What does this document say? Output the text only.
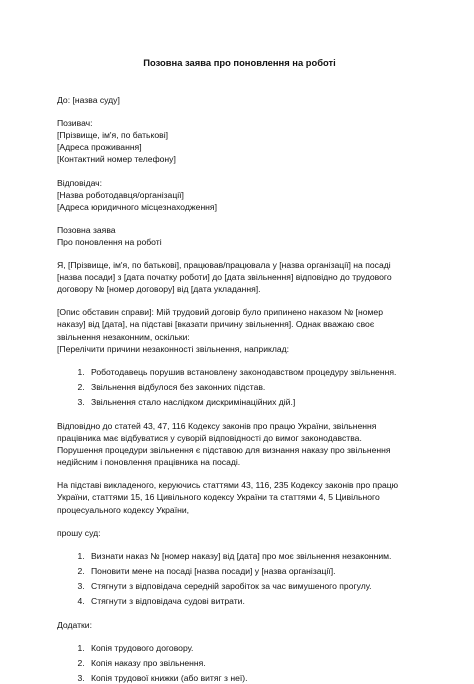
Позовна заява про поновлення на роботі
До: [назва суду]
Позивач:
[Прізвище, ім'я, по батькові]
[Адреса проживання]
[Контактний номер телефону]
Відповідач:
[Назва роботодавця/організації]
[Адреса юридичного місцезнаходження]
Позовна заява
Про поновлення на роботі
Я, [Прізвище, ім'я, по батькові], працював/працювала у [назва організації] на посаді
[назва посади] з [дата початку роботи] до [дата звільнення] відповідно до трудового
договору № [номер договору] від [дата укладання].
[Опис обставин справи]: Мій трудовий договір було припинено наказом № [номер
наказу] від [дата], на підставі [вказати причину звільнення]. Однак вважаю своє
звільнення незаконним, оскільки:
[Перелічити причини незаконності звільнення, наприклад:
1. Роботодавець порушив встановлену законодавством процедуру звільнення.
2. Звільнення відбулося без законних підстав.
3. Звільнення стало наслідком дискримінаційних дій.]
Відповідно до статей 43, 47, 116 Кодексу законів про працю України, звільнення
працівника має відбуватися у суворій відповідності до вимог законодавства.
Порушення процедури звільнення є підставою для визнання наказу про звільнення
недійсним і поновлення працівника на посаді.
На підставі викладеного, керуючись статтями 43, 116, 235 Кодексу законів про працю
України, статтями 15, 16 Цивільного кодексу України та статтями 4, 5 Цивільного
процесуального кодексу України,
прошу суд:
1. Визнати наказ № [номер наказу] від [дата] про моє звільнення незаконним.
2. Поновити мене на посаді [назва посади] у [назва організації].
3. Стягнути з відповідача середній заробіток за час вимушеного прогулу.
4. Стягнути з відповідача судові витрати.
Додатки:
1. Копія трудового договору.
2. Копія наказу про звільнення.
3. Копія трудової книжки (або витяг з неї).
